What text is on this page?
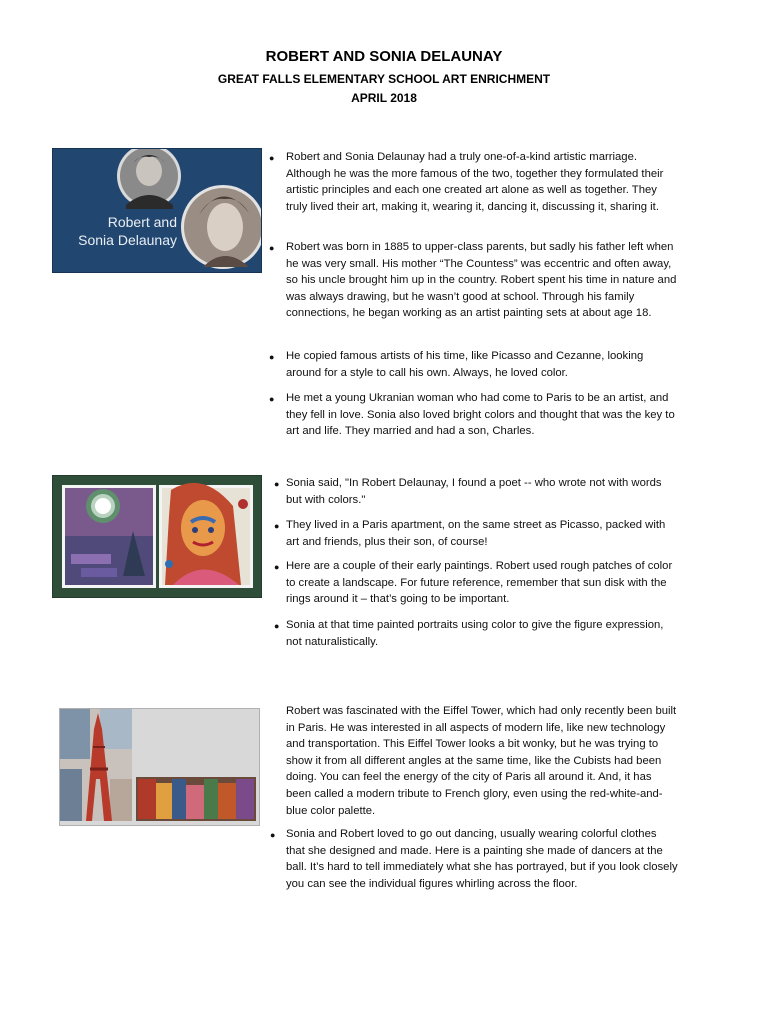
ROBERT AND SONIA DELAUNAY
GREAT FALLS ELEMENTARY SCHOOL ART ENRICHMENT
APRIL 2018
Robert and
Sonia Delaunay
● Robert and Sonia Delaunay had a truly one-of-a-kind artistic marriage. Although he was the more famous of the two, together they formulated their artistic principles and each one created art alone as well as together. They truly lived their art, making it, wearing it, dancing it, discussing it, sharing it.

● Robert was born in 1885 to upper-class parents, but sadly his father left when he was very small. His mother “The Countess” was eccentric and often away, so his uncle brought him up in the country. Robert spent his time in nature and was always drawing, but he wasn’t good at school. Through his family connections, he began working as an artist painting sets at about age 18.

● He copied famous artists of his time, like Picasso and Cezanne, looking around for a style to call his own. Always, he loved color.

● He met a young Ukranian woman who had come to Paris to be an artist, and they fell in love. Sonia also loved bright colors and thought that was the key to art and life. They married and had a son, Charles.

● Sonia said, "In Robert Delaunay, I found a poet -- who wrote not with words but with colors."

● They lived in a Paris apartment, on the same street as Picasso, packed with art and friends, plus their son, of course!

● Here are a couple of their early paintings. Robert used rough patches of color to create a landscape. For future reference, remember that sun disk with the rings around it – that’s going to be important.

● Sonia at that time painted portraits using color to give the figure expression, not naturalistically.

Robert was fascinated with the Eiffel Tower, which had only recently been built in Paris. He was interested in all aspects of modern life, like new technology and transportation. This Eiffel Tower looks a bit wonky, but he was trying to show it from all different angles at the same time, like the Cubists had been doing. You can feel the energy of the city of Paris all around it. And, it has been called a modern tribute to French glory, even using the red-white-and-blue color palette.

● Sonia and Robert loved to go out dancing, usually wearing colorful clothes that she designed and made. Here is a painting she made of dancers at the ball. It’s hard to tell immediately what she has portrayed, but if you look closely you can see the individual figures whirling across the floor.
